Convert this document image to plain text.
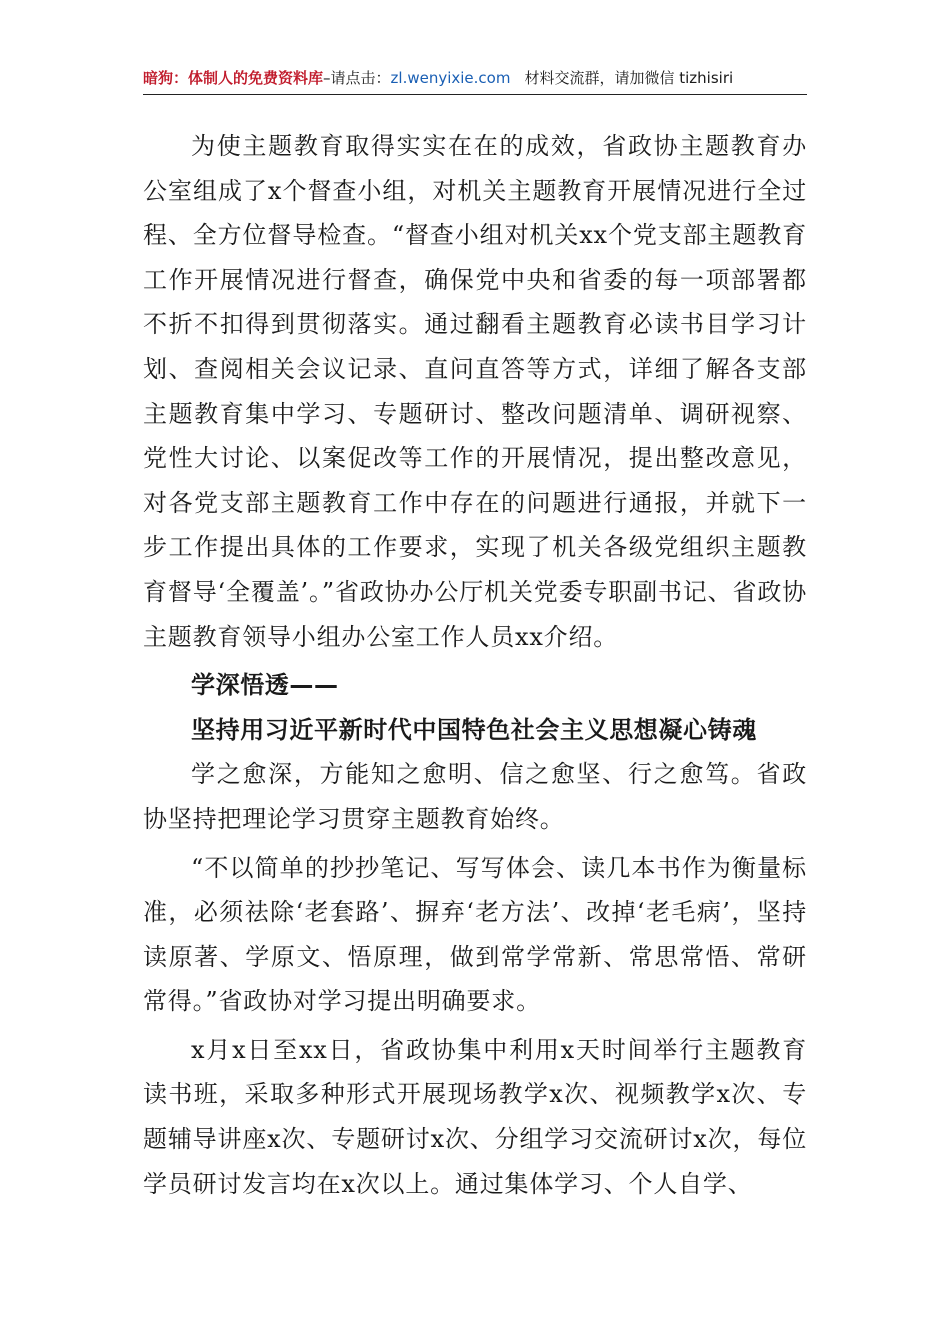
暗狗：体制人的免费资料库–请点击：zl.wenyixie.com 材料交流群，请加微信 tizhisiri

为使主题教育取得实实在在的成效，省政协主题教育办公室组成了x个督查小组，对机关主题教育开展情况进行全过程、全方位督导检查。“督查小组对机关xx个党支部主题教育工作开展情况进行督查，确保党中央和省委的每一项部署都不折不扣得到贯彻落实。通过翻看主题教育必读书目学习计划、查阅相关会议记录、直问直答等方式，详细了解各支部主题教育集中学习、专题研讨、整改问题清单、调研视察、党性大讨论、以案促改等工作的开展情况，提出整改意见，对各党支部主题教育工作中存在的问题进行通报，并就下一步工作提出具体的工作要求，实现了机关各级党组织主题教育督导‘全覆盖’。”省政协办公厅机关党委专职副书记、省政协主题教育领导小组办公室工作人员xx介绍。

学深悟透——

坚持用习近平新时代中国特色社会主义思想凝心铸魂

学之愈深，方能知之愈明、信之愈坚、行之愈笃。省政协坚持把理论学习贯穿主题教育始终。

“不以简单的抄抄笔记、写写体会、读几本书作为衡量标准，必须祛除‘老套路’、摒弃‘老方法’、改掉‘老毛病’，坚持读原著、学原文、悟原理，做到常学常新、常思常悟、常研常得。”省政协对学习提出明确要求。

x月x日至xx日，省政协集中利用x天时间举行主题教育读书班，采取多种形式开展现场教学x次、视频教学x次、专题辅导讲座x次、专题研讨x次、分组学习交流研讨x次，每位学员研讨发言均在x次以上。通过集体学习、个人自学、
